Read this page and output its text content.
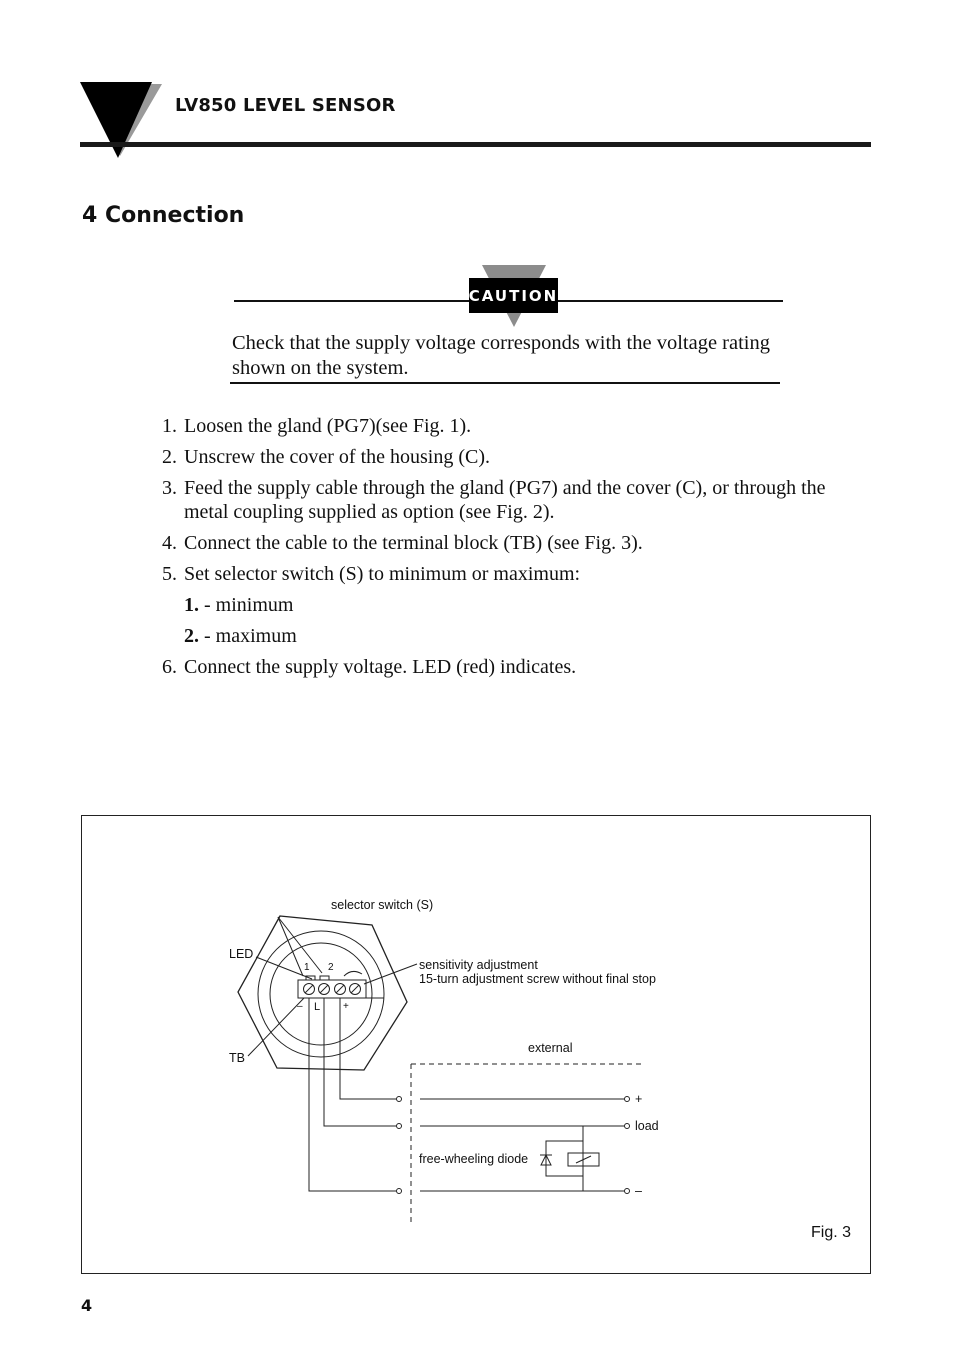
LV850 LEVEL SENSOR
4 Connection
CAUTION
Check that the supply voltage corresponds with the voltage rating shown on the system.
1. Loosen the gland (PG7)(see Fig. 1).
2. Unscrew the cover of the housing (C).
3. Feed the supply cable through the gland (PG7) and the cover (C), or through the metal coupling supplied as option (see Fig. 2).
4. Connect the cable to the terminal block (TB) (see Fig. 3).
5. Set selector switch (S) to minimum or maximum:
1. - minimum
2. - maximum
6. Connect the supply voltage. LED (red) indicates.
selector switch (S)
LED
sensitivity adjustment
15-turn adjustment screw without final stop
TB
external
+
load
free-wheeling diode
–
1 2
– L +
Fig. 3
4
